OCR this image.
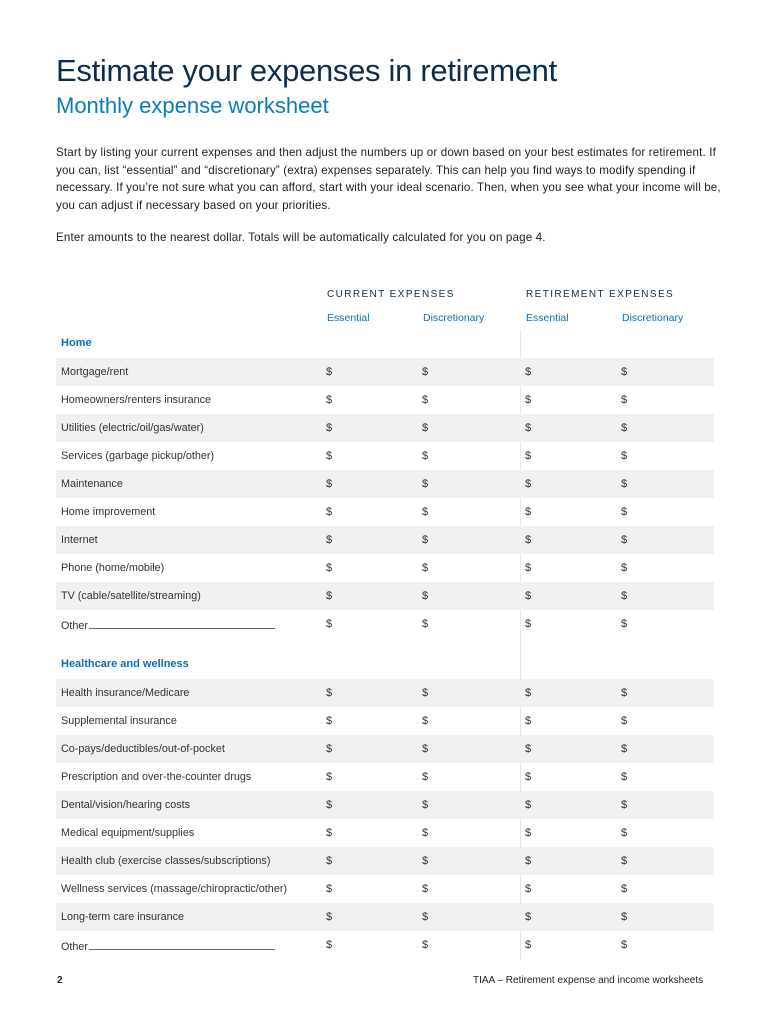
Estimate your expenses in retirement
Monthly expense worksheet

Start by listing your current expenses and then adjust the numbers up or down based on your best estimates for retirement. If you can, list “essential” and “discretionary” (extra) expenses separately. This can help you find ways to modify spending if necessary. If you’re not sure what you can afford, start with your ideal scenario. Then, when you see what your income will be, you can adjust if necessary based on your priorities.

Enter amounts to the nearest dollar. Totals will be automatically calculated for you on page 4.

CURRENT EXPENSES	RETIREMENT EXPENSES
Essential	Discretionary	Essential	Discretionary
Home
Mortgage/rent	$	$	$	$
Homeowners/renters insurance	$	$	$	$
Utilities (electric/oil/gas/water)	$	$	$	$
Services (garbage pickup/other)	$	$	$	$
Maintenance	$	$	$	$
Home improvement	$	$	$	$
Internet	$	$	$	$
Phone (home/mobile)	$	$	$	$
TV (cable/satellite/streaming)	$	$	$	$
Other	$	$	$	$
Healthcare and wellness
Health insurance/Medicare	$	$	$	$
Supplemental insurance	$	$	$	$
Co-pays/deductibles/out-of-pocket	$	$	$	$
Prescription and over-the-counter drugs	$	$	$	$
Dental/vision/hearing costs	$	$	$	$
Medical equipment/supplies	$	$	$	$
Health club (exercise classes/subscriptions)	$	$	$	$
Wellness services (massage/chiropractic/other)	$	$	$	$
Long-term care insurance	$	$	$	$
Other	$	$	$	$
2	TIAA – Retirement expense and income worksheets
